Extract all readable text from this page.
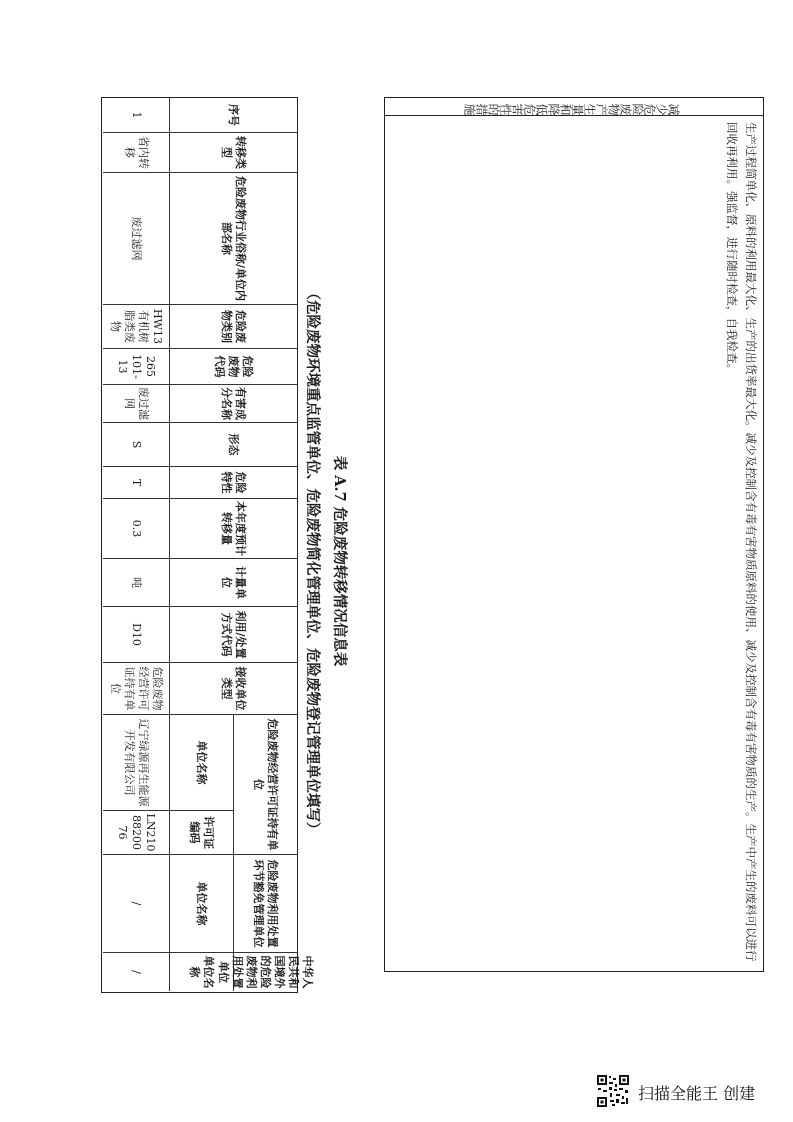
减少危险废物产生量和降低危害性的措施
生产过程简单化、原料的利用最大化、生产的出货率最大化。减少及控制含有毒有害物质原料的使用、减少及控制含有毒有害物质的生产。生产中产生的废料可以进行回收再利用。强监督，进行随时检查，自我检查。
表 A.7 危险废物转移情况信息表
（危险废物环境重点监管单位、危险废物简化管理单位、危险废物登记管理单位填写）
序号
转移类型
危险废物行业俗称/单位内部名称
危险废物类别
危险废物代码
有害成分名称
形态
危险特性
本年度预计转移量
计量单位
利用/处置方式代码
接收单位类型
危险废物经营许可证持有单位
单位名称
许可证编码
危险废物利用处置环节豁免管理单位
单位名称
中华人民共和国境外的危险废物利用处置单位
单位名称
1
省内转移
废过滤网
HW13 有机树脂类废物
265 101-13
废过滤网
S
T
0.3
吨
D10
危险废物经营许可证持有单位
辽宁绿源再生能源开发有限公司
LN210 88200 76
/
/
扫描全能王 创建
